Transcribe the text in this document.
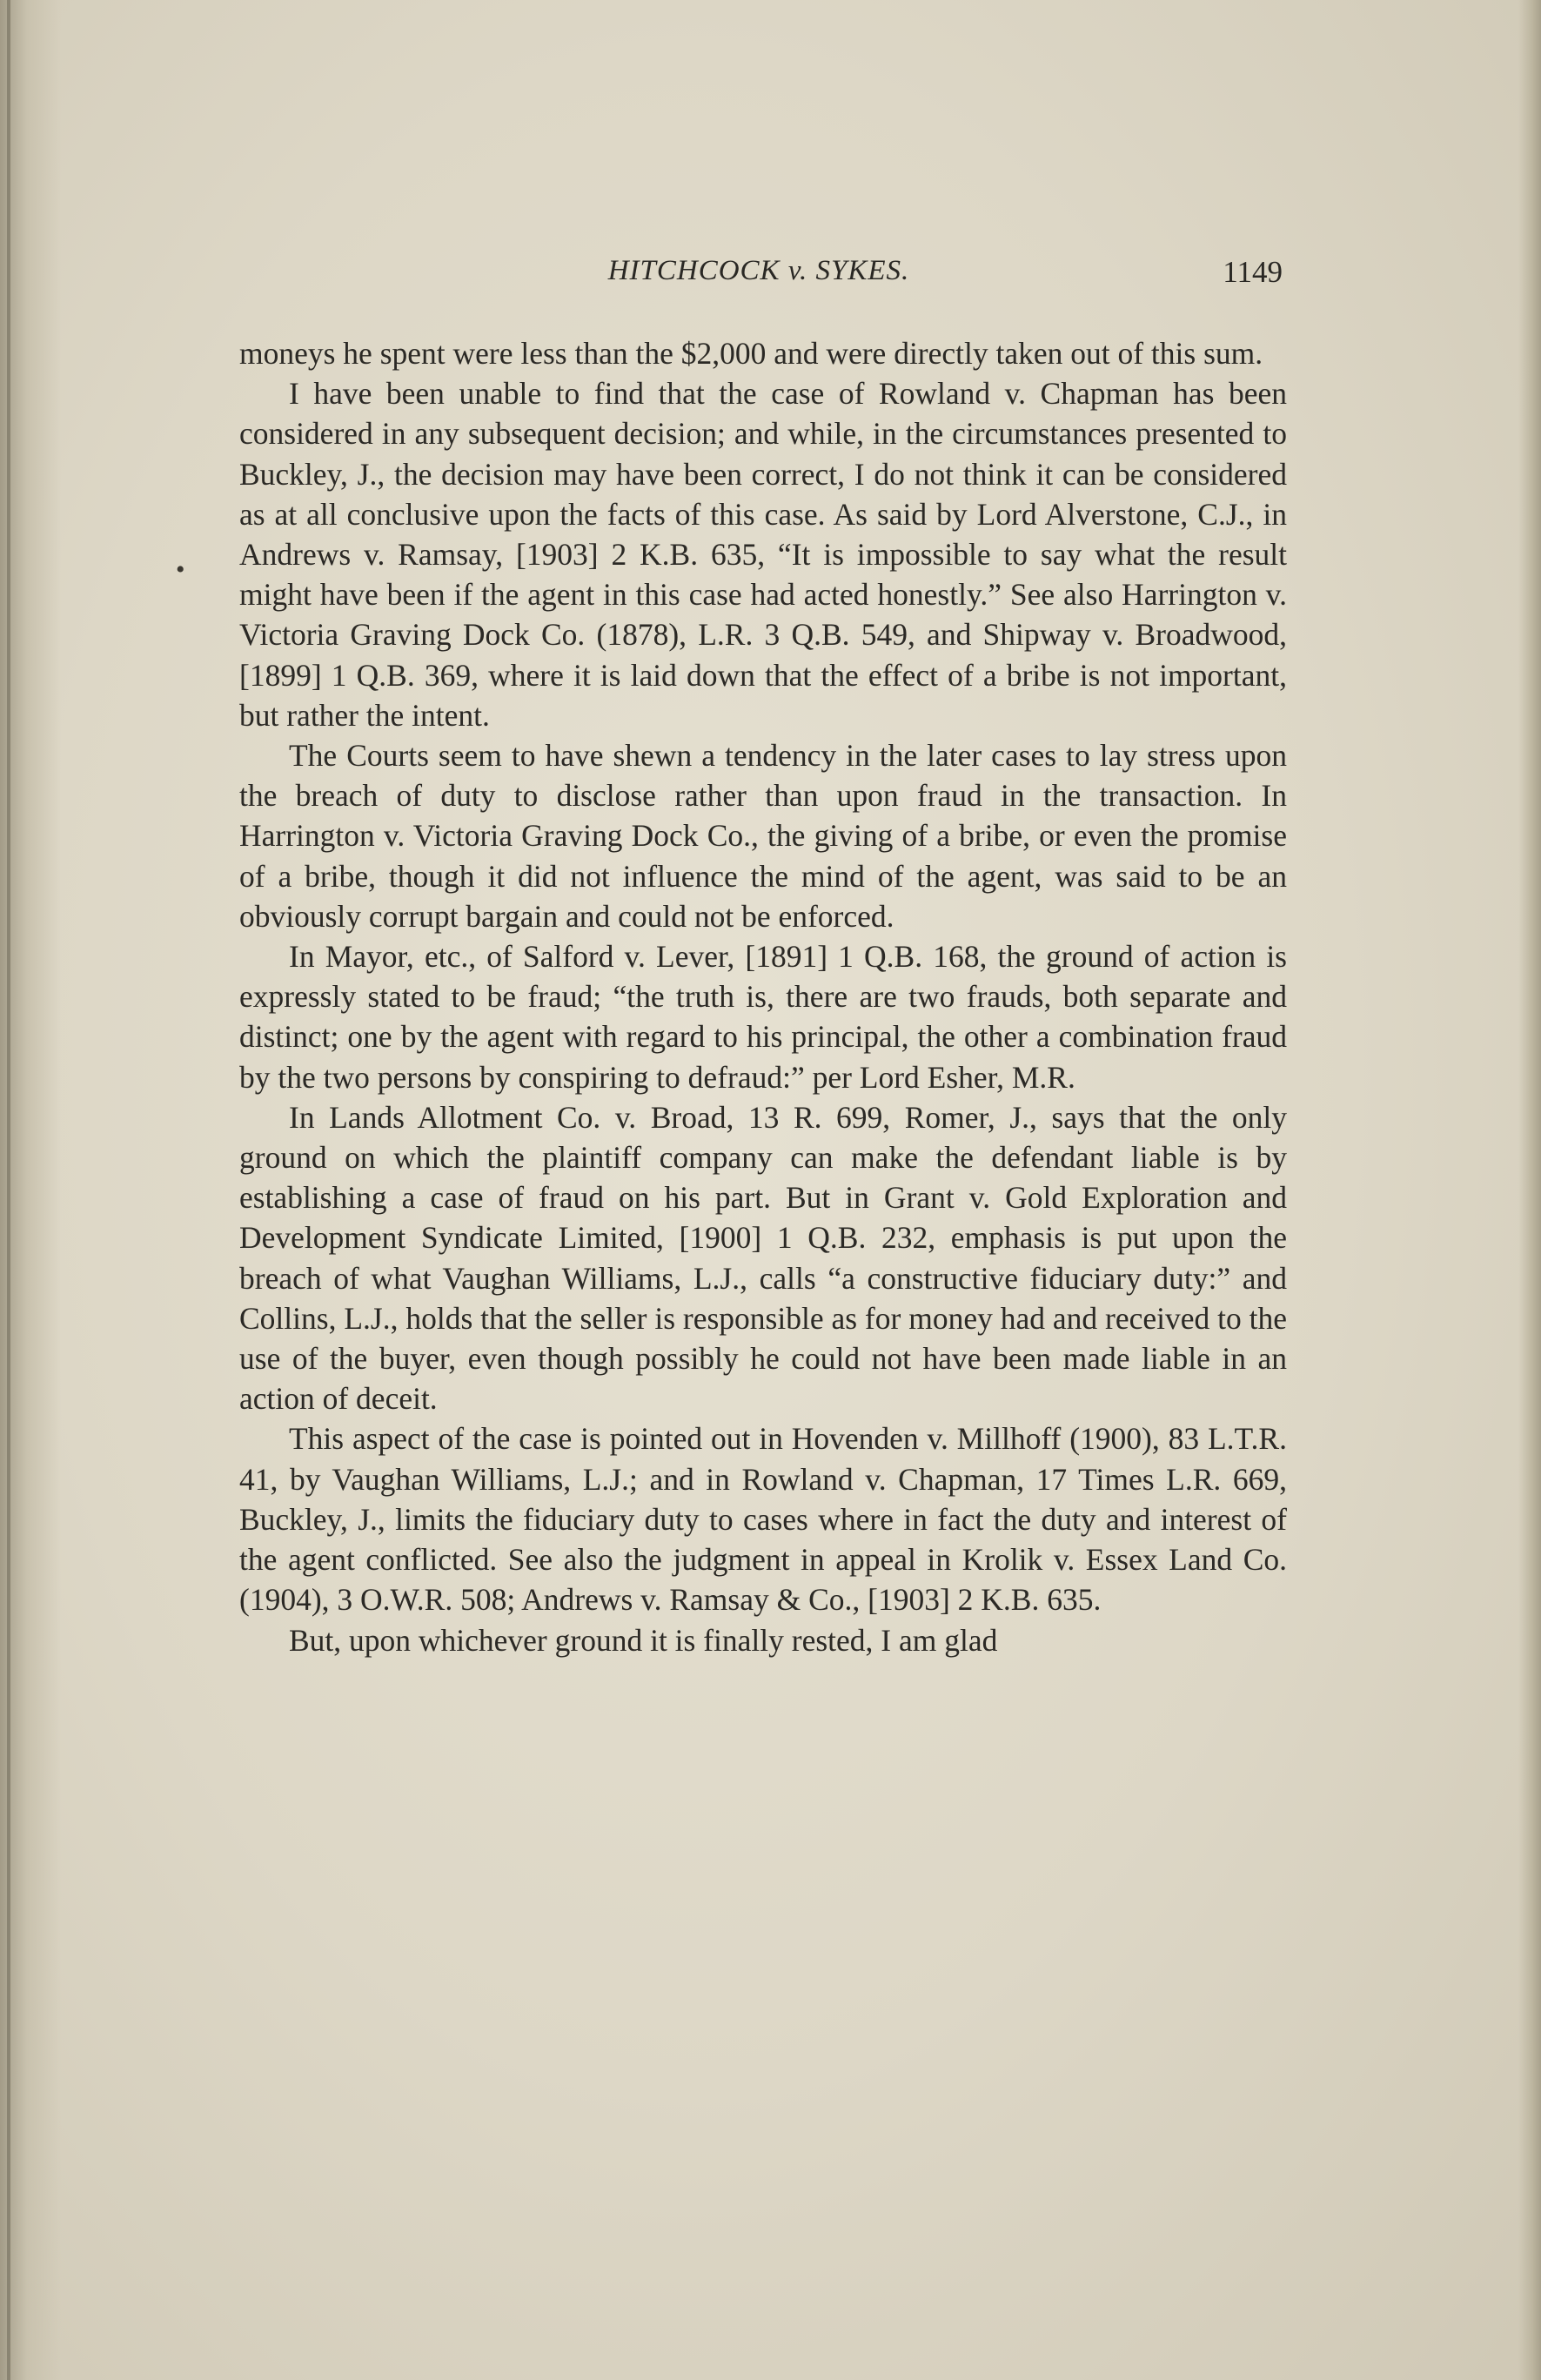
HITCHCOCK v. SYKES.	1149
•

moneys he spent were less than the $2,000 and were directly taken out of this sum.

I have been unable to find that the case of Rowland v. Chapman has been considered in any subsequent decision; and while, in the circumstances presented to Buckley, J., the decision may have been correct, I do not think it can be considered as at all conclusive upon the facts of this case. As said by Lord Alverstone, C.J., in Andrews v. Ramsay, [1903] 2 K.B. 635, “It is impossible to say what the result might have been if the agent in this case had acted honestly.” See also Harrington v. Victoria Graving Dock Co. (1878), L.R. 3 Q.B. 549, and Shipway v. Broadwood, [1899] 1 Q.B. 369, where it is laid down that the effect of a bribe is not important, but rather the intent.

The Courts seem to have shewn a tendency in the later cases to lay stress upon the breach of duty to disclose rather than upon fraud in the transaction. In Harrington v. Victoria Graving Dock Co., the giving of a bribe, or even the promise of a bribe, though it did not influence the mind of the agent, was said to be an obviously corrupt bargain and could not be enforced.

In Mayor, etc., of Salford v. Lever, [1891] 1 Q.B. 168, the ground of action is expressly stated to be fraud; “the truth is, there are two frauds, both separate and distinct; one by the agent with regard to his principal, the other a combination fraud by the two persons by conspiring to defraud:” per Lord Esher, M.R.

In Lands Allotment Co. v. Broad, 13 R. 699, Romer, J., says that the only ground on which the plaintiff company can make the defendant liable is by establishing a case of fraud on his part. But in Grant v. Gold Exploration and Development Syndicate Limited, [1900] 1 Q.B. 232, emphasis is put upon the breach of what Vaughan Williams, L.J., calls “a constructive fiduciary duty:” and Collins, L.J., holds that the seller is responsible as for money had and received to the use of the buyer, even though possibly he could not have been made liable in an action of deceit.

This aspect of the case is pointed out in Hovenden v. Millhoff (1900), 83 L.T.R. 41, by Vaughan Williams, L.J.; and in Rowland v. Chapman, 17 Times L.R. 669, Buckley, J., limits the fiduciary duty to cases where in fact the duty and interest of the agent conflicted. See also the judgment in appeal in Krolik v. Essex Land Co. (1904), 3 O.W.R. 508; Andrews v. Ramsay & Co., [1903] 2 K.B. 635.

But, upon whichever ground it is finally rested, I am glad
